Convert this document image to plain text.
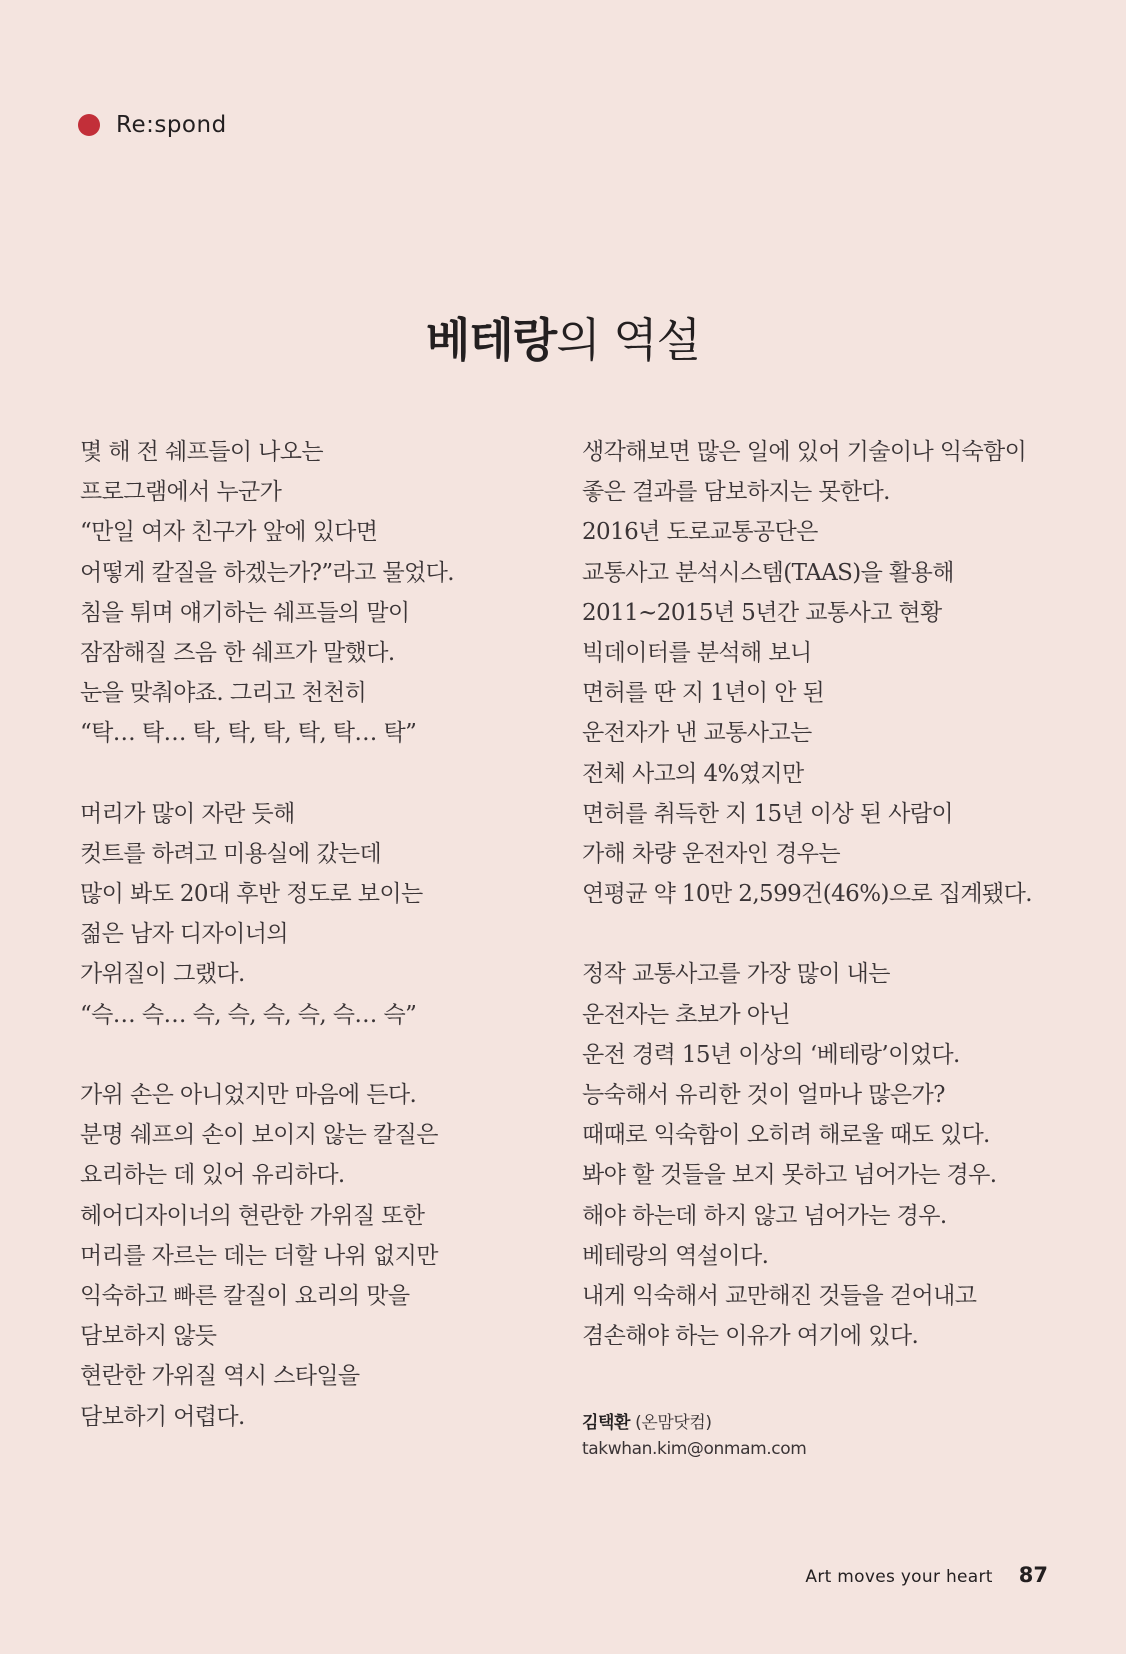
Re:spond
베테랑의 역설
몇 해 전 쉐프들이 나오는
프로그램에서 누군가
“만일 여자 친구가 앞에 있다면
어떻게 칼질을 하겠는가?”라고 물었다.
침을 튀며 얘기하는 쉐프들의 말이
잠잠해질 즈음 한 쉐프가 말했다.
눈을 맞춰야죠. 그리고 천천히
“탁… 탁… 탁, 탁, 탁, 탁, 탁… 탁”
머리가 많이 자란 듯해
컷트를 하려고 미용실에 갔는데
많이 봐도 20대 후반 정도로 보이는
젊은 남자 디자이너의
가위질이 그랬다.
“슥… 슥… 슥, 슥, 슥, 슥, 슥… 슥”
가위 손은 아니었지만 마음에 든다.
분명 쉐프의 손이 보이지 않는 칼질은
요리하는 데 있어 유리하다.
헤어디자이너의 현란한 가위질 또한
머리를 자르는 데는 더할 나위 없지만
익숙하고 빠른 칼질이 요리의 맛을
담보하지 않듯
현란한 가위질 역시 스타일을
담보하기 어렵다.
생각해보면 많은 일에 있어 기술이나 익숙함이
좋은 결과를 담보하지는 못한다.
2016년 도로교통공단은
교통사고 분석시스템(TAAS)을 활용해
2011~2015년 5년간 교통사고 현황
빅데이터를 분석해 보니
면허를 딴 지 1년이 안 된
운전자가 낸 교통사고는
전체 사고의 4%였지만
면허를 취득한 지 15년 이상 된 사람이
가해 차량 운전자인 경우는
연평균 약 10만 2,599건(46%)으로 집계됐다.
정작 교통사고를 가장 많이 내는
운전자는 초보가 아닌
운전 경력 15년 이상의 ‘베테랑’이었다.
능숙해서 유리한 것이 얼마나 많은가?
때때로 익숙함이 오히려 해로울 때도 있다.
봐야 할 것들을 보지 못하고 넘어가는 경우.
해야 하는데 하지 않고 넘어가는 경우.
베테랑의 역설이다.
내게 익숙해서 교만해진 것들을 걷어내고
겸손해야 하는 이유가 여기에 있다.
김택환 (온맘닷컴)
takwhan.kim@onmam.com
Art moves your heart 87
